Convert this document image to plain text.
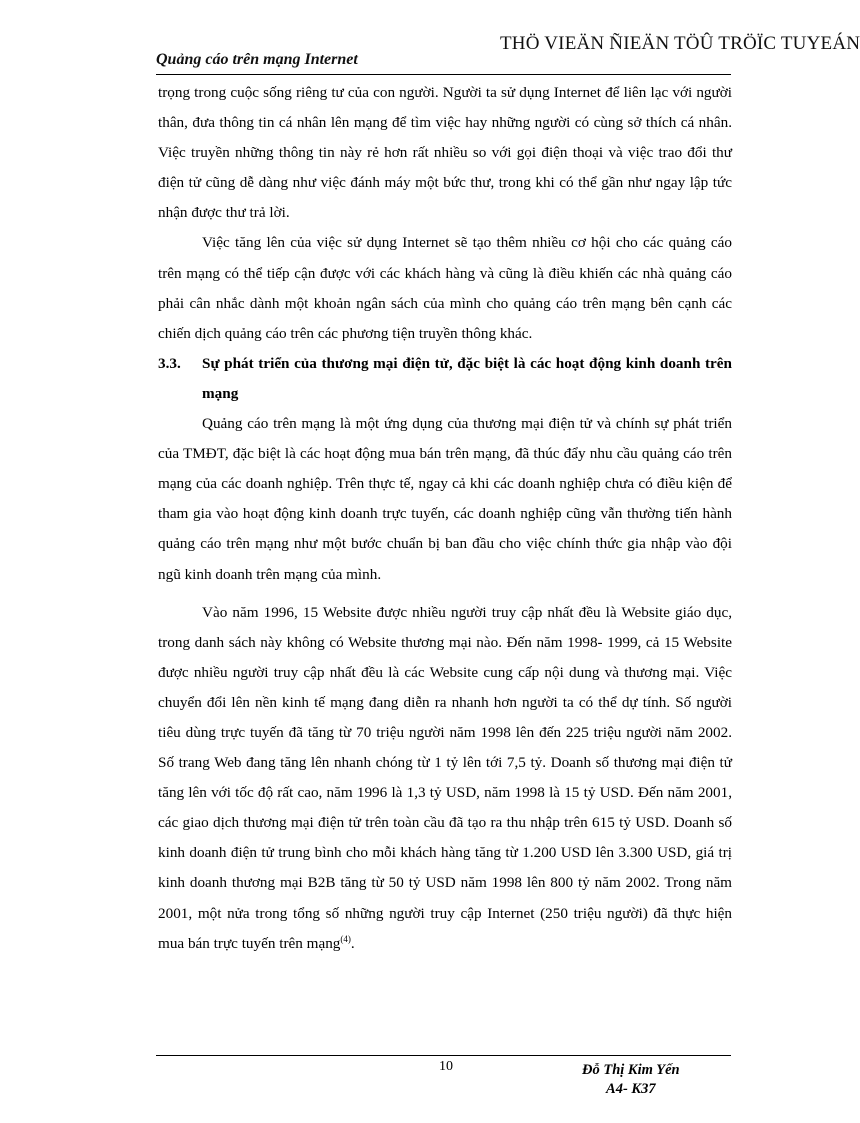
THÖ VIEÄN ÑIEÄN TÖÛ TRÖÏC TUYEÁN
Quảng cáo trên mạng Internet

trọng trong cuộc sống riêng tư của con người. Người ta sử dụng Internet để liên lạc với người thân, đưa thông tin cá nhân lên mạng để tìm việc hay những người có cùng sở thích cá nhân. Việc truyền những thông tin này rẻ hơn rất nhiều so với gọi điện thoại và việc trao đổi thư điện tử cũng dễ dàng như việc đánh máy một bức thư, trong khi có thể gần như ngay lập tức nhận được thư trả lời.

Việc tăng lên của việc sử dụng Internet sẽ tạo thêm nhiều cơ hội cho các quảng cáo trên mạng có thể tiếp cận được với các khách hàng và cũng là điều khiến các nhà quảng cáo phải cân nhắc dành một khoản ngân sách của mình cho quảng cáo trên mạng bên cạnh các chiến dịch quảng cáo trên các phương tiện truyền thông khác.

3.3. Sự phát triển của thương mại điện tử, đặc biệt là các hoạt động kinh doanh trên mạng

Quảng cáo trên mạng là một ứng dụng của thương mại điện tử và chính sự phát triển của TMĐT, đặc biệt là các hoạt động mua bán trên mạng, đã thúc đẩy nhu cầu quảng cáo trên mạng của các doanh nghiệp. Trên thực tế, ngay cả khi các doanh nghiệp chưa có điều kiện để tham gia vào hoạt động kinh doanh trực tuyến, các doanh nghiệp cũng vẫn thường tiến hành quảng cáo trên mạng như một bước chuẩn bị ban đầu cho việc chính thức gia nhập vào đội ngũ kinh doanh trên mạng của mình.

Vào năm 1996, 15 Website được nhiều người truy cập nhất đều là Website giáo dục, trong danh sách này không có Website thương mại nào. Đến năm 1998- 1999, cả 15 Website được nhiều người truy cập nhất đều là các Website cung cấp nội dung và thương mại. Việc chuyển đổi lên nền kinh tế mạng đang diễn ra nhanh hơn người ta có thể dự tính. Số người tiêu dùng trực tuyến đã tăng từ 70 triệu người năm 1998 lên đến 225 triệu người năm 2002. Số trang Web đang tăng lên nhanh chóng từ 1 tỷ lên tới 7,5 tỷ. Doanh số thương mại điện tử tăng lên với tốc độ rất cao, năm 1996 là 1,3 tỷ USD, năm 1998 là 15 tỷ USD. Đến năm 2001, các giao dịch thương mại điện tử trên toàn cầu đã tạo ra thu nhập trên 615 tỷ USD. Doanh số kinh doanh điện tử trung bình cho mỗi khách hàng tăng từ 1.200 USD lên 3.300 USD, giá trị kinh doanh thương mại B2B tăng từ 50 tỷ USD năm 1998 lên 800 tỷ năm 2002. Trong năm 2001, một nửa trong tổng số những người truy cập Internet (250 triệu người) đã thực hiện mua bán trực tuyến trên mạng$^{(4)}$.

10	Đỗ Thị Kim Yến
A4- K37
